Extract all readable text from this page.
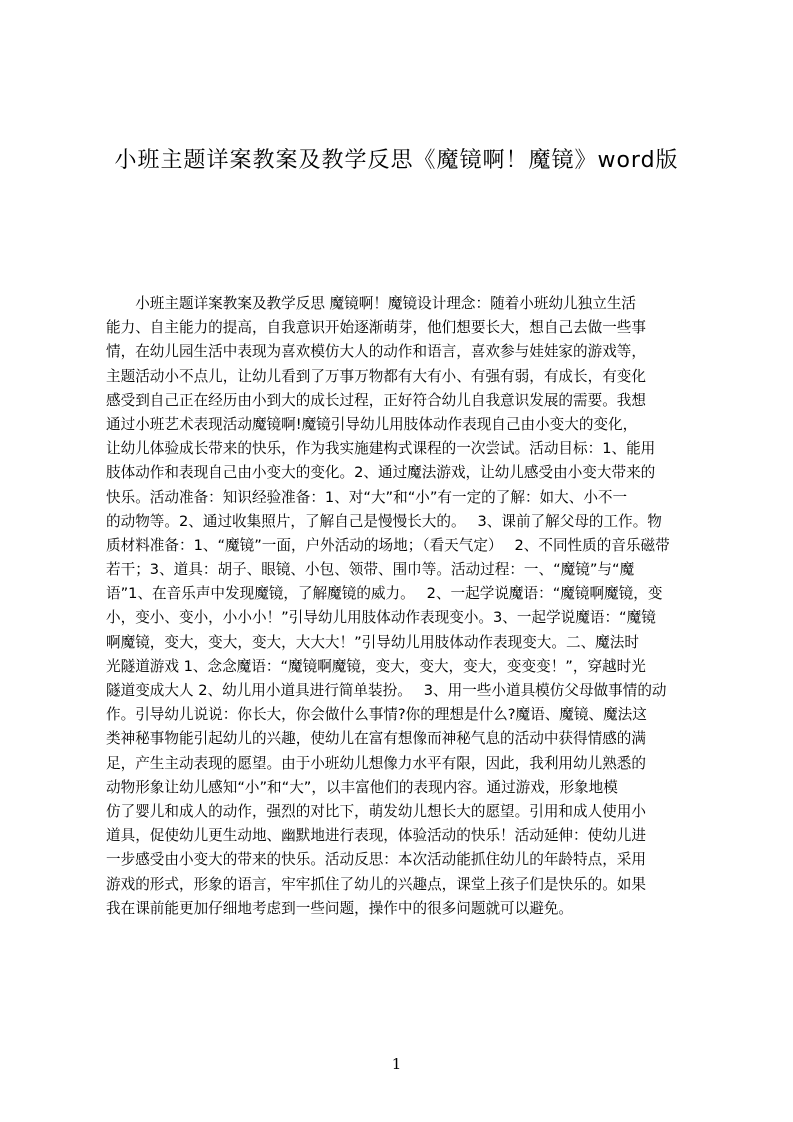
小班主题详案教案及教学反思《魔镜啊！魔镜》word版
　　小班主题详案教案及教学反思 魔镜啊！魔镜设计理念：随着小班幼儿独立生活
能力、自主能力的提高，自我意识开始逐渐萌芽，他们想要长大，想自己去做一些事
情，在幼儿园生活中表现为喜欢模仿大人的动作和语言，喜欢参与娃娃家的游戏等，
主题活动小不点儿，让幼儿看到了万事万物都有大有小、有强有弱，有成长，有变化
感受到自己正在经历由小到大的成长过程，正好符合幼儿自我意识发展的需要。我想
通过小班艺术表现活动魔镜啊!魔镜引导幼儿用肢体动作表现自己由小变大的变化，
让幼儿体验成长带来的快乐，作为我实施建构式课程的一次尝试。活动目标：1、能用
肢体动作和表现自己由小变大的变化。2、通过魔法游戏，让幼儿感受由小变大带来的
快乐。活动准备：知识经验准备：1、对“大”和“小”有一定的了解：如大、小不一
的动物等。2、通过收集照片，了解自己是慢慢长大的。　 3、课前了解父母的工作。物
质材料准备：1、“魔镜”一面，户外活动的场地；（看天气定）　 2、不同性质的音乐磁带
若干；3、道具：胡子、眼镜、小包、领带、围巾等。活动过程：一、“魔镜”与“魔
语”1、在音乐声中发现魔镜，了解魔镜的威力。　 2、一起学说魔语：“魔镜啊魔镜，变
小，变小、变小，小小小！”引导幼儿用肢体动作表现变小。3、一起学说魔语：“魔镜
啊魔镜，变大，变大，变大，大大大！”引导幼儿用肢体动作表现变大。二、魔法时
光隧道游戏 1、念念魔语：“魔镜啊魔镜，变大，变大，变大，变变变！”，穿越时光
隧道变成大人 2、幼儿用小道具进行简单装扮。　 3、用一些小道具模仿父母做事情的动
作。引导幼儿说说：你长大，你会做什么事情?你的理想是什么?魔语、魔镜、魔法这
类神秘事物能引起幼儿的兴趣，使幼儿在富有想像而神秘气息的活动中获得情感的满
足，产生主动表现的愿望。由于小班幼儿想像力水平有限，因此，我利用幼儿熟悉的
动物形象让幼儿感知“小”和“大”，以丰富他们的表现内容。通过游戏，形象地模
仿了婴儿和成人的动作，强烈的对比下，萌发幼儿想长大的愿望。引用和成人使用小
道具，促使幼儿更生动地、幽默地进行表现，体验活动的快乐！活动延伸：使幼儿进
一步感受由小变大的带来的快乐。活动反思：本次活动能抓住幼儿的年龄特点，采用
游戏的形式，形象的语言，牢牢抓住了幼儿的兴趣点，课堂上孩子们是快乐的。如果
我在课前能更加仔细地考虑到一些问题，操作中的很多问题就可以避免。
1
